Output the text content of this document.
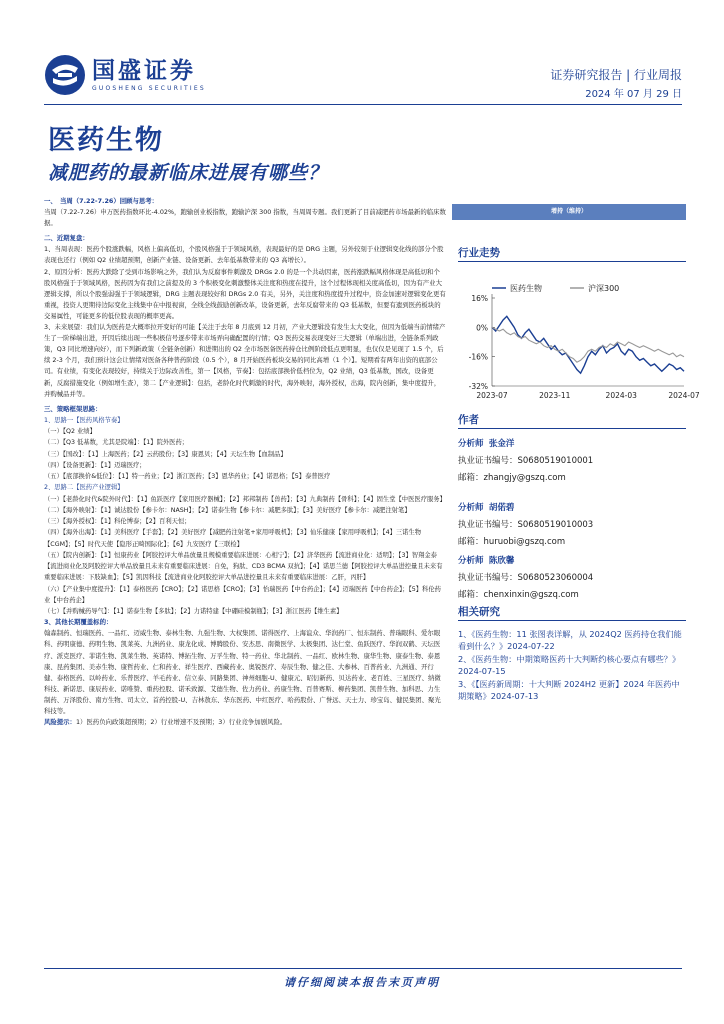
国盛证券
GUOSHENG SECURITIES
证券研究报告 | 行业周报
2024 年 07 月 29 日
医药生物
减肥药的最新临床进展有哪些？

一、　当周（7.22-7.26）回顾与思考：

当周（7.22-7.26）申万医药指数环比-4.02%，跑输创业板指数，跑输沪深 300 指数，当周周专题。我们更新了目前减肥药市场最新的临床数据。

二、近期复盘：

1、当周表现：医药个股涨跌幅，风格上偏高低切，个股风格强于于领域风格，表现最好的是 DRG 主题，另外较刻于业逻辑变化线的部分个股表现也还行（例如 Q2 业绩超预期，创新产业链、设备更新、去年低基数带来的 Q3 高增长）。

2、原因分析：医药大跌除了受到市场影响之外，我们认为反腐事件刺激及 DRGs 2.0 的是一个共动因素，医药涨跌幅风格体现是高低切和个股风格强于于领域风格，医药因为有我们之前提及的 3 个积极变化刺激整体关注度和热度在提升，这个过程体现相关度高低切，因为有产业大逻辑支撑，所以个股强弱强于于领域逻辑，DRG 主题表现较好和 DRGs 2.0 有关，另外，关注度和热度提升过程中，资金加速对逻辑变化更有重视，投资人更期待边际变化主线集中在中报视窗，全线全线鼓励创新改革，设备更新，去年反腐带来的 Q3 低基数，但要有遗到医药板块的交易属性，可能更多的低位股表现的概率更高。

3、未来展望：我们认为医药是大概率拉开变好的可能【关注于去年 8 月底到 12 月初，产业大逻辑没有发生太大变化，但因为低端当前情绪产生了一阶梯端出进，开因后续出现一些积极信号逐步带来市场弄向确配置的行情；Q3 医药交易表现变好三大逻辑（单端出进，全链条系列政策，Q3 同比增速向好），而下列新政策（全链条创新）和进期出的 Q2 全市场医备医药持仓比例阶段低点更明显，也仅仅是见现了 1.5 个，后续 2-3 个月，我们预计这会让情绪对医备各种普药阶段（0.5 个），8 月开始医药板块交易的同比高增（1 个）】。短期看有两年出资的底部公司。有业绩，有变化表现较好，持续关于边际改善性，第一【风格，节奏】：包括底部换价低档位为，Q2 业绩，Q3 低基数，国改，设备更新，反腐措施变化（例如增生查），第二【产业逻辑】：包括，老龄化时代刺激的时代，海外映射，海外授权，出海，院内创新，集中度提升，并购械品并等。

三、策略框架思路：

1、思路一【医药风格节奏】

（一）【Q2 业绩】

（二）【Q3 低基数，尤其是院端】：【1】院外医药；

（三）【国改】：【1】上海医药；【2】云药股份；【3】康恩贝；【4】天坛生物【血制品】

（四）【设备更新】：【1】迈瑞医疗；

（五）【底部换价&低位】：【1】特一药业；【2】浙江医药；【3】恩华药业；【4】诺思格；【5】泰普医疗

2、思路二【医药产业逻辑】

（一）【老龄化时代&院外时代】：【1】鱼跃医疗【家用医疗器械】；【2】邦邦制药【兽药】；【3】九典制药【骨科】；【4】固生堂【中医医疗服务】

（二）【海外映射】：【1】诚达股份【参卡尔：NASH】；【2】诺泰生物【参卡尔：减肥多肽】；【3】美好医疗【参卡尔：减肥注射笔】

（三）【海外授权】：【1】科伦博泰；【2】百利天恒；

（四）【海外出海】：【1】美科医疗【手套】；【2】美好医疗【减肥药注射笔+家用呼吸机】；【3】仙乐健康【家用呼吸机】；【4】三诺生物【CGM】；【5】时代天使【隐形正畸国际化】；【6】九安医疗【三联检】

（五）【院内创新】：【1】恒康药业【阿胶控评大单品放量且规模重要临床进展：心相宁】；【2】济华医药【流进商业化：适明】；【3】智翔金泰【流进商业化及阿胶控评大单品放量且未来有重要临床进展：自免，狗肽、CD3 BCMA 双抗】；【4】诺思兰德【阿胶控评大单品进控量且未来有重要临床进展：下肢缺血】；【5】凯因科技【流进商业化阿胶控评大单品进控量且未来有重要临床进展：乙肝，丙肝】

（六）【产业集中度提升】：【1】泰格医药【CRO】；【2】诺思格【CRO】；【3】怡瑞医药【中台药企】；【4】迈瑞医药【中台药企】；【5】科伦药业【中台药企】

（七）【并购械药导气】：【1】诺泰生物【多肽】；【2】力诺特建【中硼硅模制瓶】；【3】浙江医药【维生素】

3、其他长期覆盖标的：

翰森制药、恒瑞医药、一品红、迈威生物、泰林生物、九强生物、大权集团、诺得医疗、上海谊众、华润药厂、恒东制药、普瑞眼科、爱尔眼科、药明康德、药明生物、凯莱英、九洲药业、康龙化成、博腾股份、安杰思、南微医学、太极集团、达仁堂、鱼跃医疗、华润双鹤、天坛医疗、派克医疗、菲诺生物、凯莱生物、英诺特、博拓生物、万孚生物、特一药业、华北制药、一品红、欧林生物、康华生物、康泰生物、泰恩康、昆药集团、美赤生物、康哲药业、仁和药业、祥生医疗、西藏药业、奥锐医疗、寿辰生物、健之佳、大参林、百普药业、九洲通、开行健、泰格医药、以岭药业、乐普医疗、羊毛药业、信立泰、同路集团、神州细胞-U、健康元、昭衍新药、贝达药业、老百姓、三星医疗、纳微科技、新诺思、康辰药业、诺唯赞、重药控股、诺禾致源、艾德生物、佐力药业、药康生物、百普赛斯、柳药集团、凯普生物、加科思、力生制药、万泽股份、南方生物、司太立、首药控股-U、吉林敖东、华东医药、中红医疗、哈药股份、广誉远、天士力、珍宝岛、健民集团、聚光科技等。

风险提示：1）医药负向政策超预期；2）行业增速不及预期；3）行业竞争加剧风险。

增持（维持）
行业走势
16%
0%
-16%
-32%
2023-07	2023-11	2024-03	2024-07
医药生物	沪深300
作者
分析师 张金洋
执业证书编号：S0680519010001
邮箱：zhangjy@gszq.com
分析师 胡偌碧
执业证书编号：S0680519010003
邮箱：huruobi@gszq.com
分析师 陈欣馨
执业证书编号：S0680523060004
邮箱：chenxinxin@gszq.com
相关研究

1、《医药生物：11 张图表详解，从 2024Q2 医药持仓我们能看到什么？》2024-07-22

2、《医药生物：中期策略医药十大判断约核心要点有哪些？》2024-07-15

3、《【医药新周期：十大判断 2024H2 更新】2024 年医药中期策略》2024-07-13

请仔细阅读本报告末页声明
